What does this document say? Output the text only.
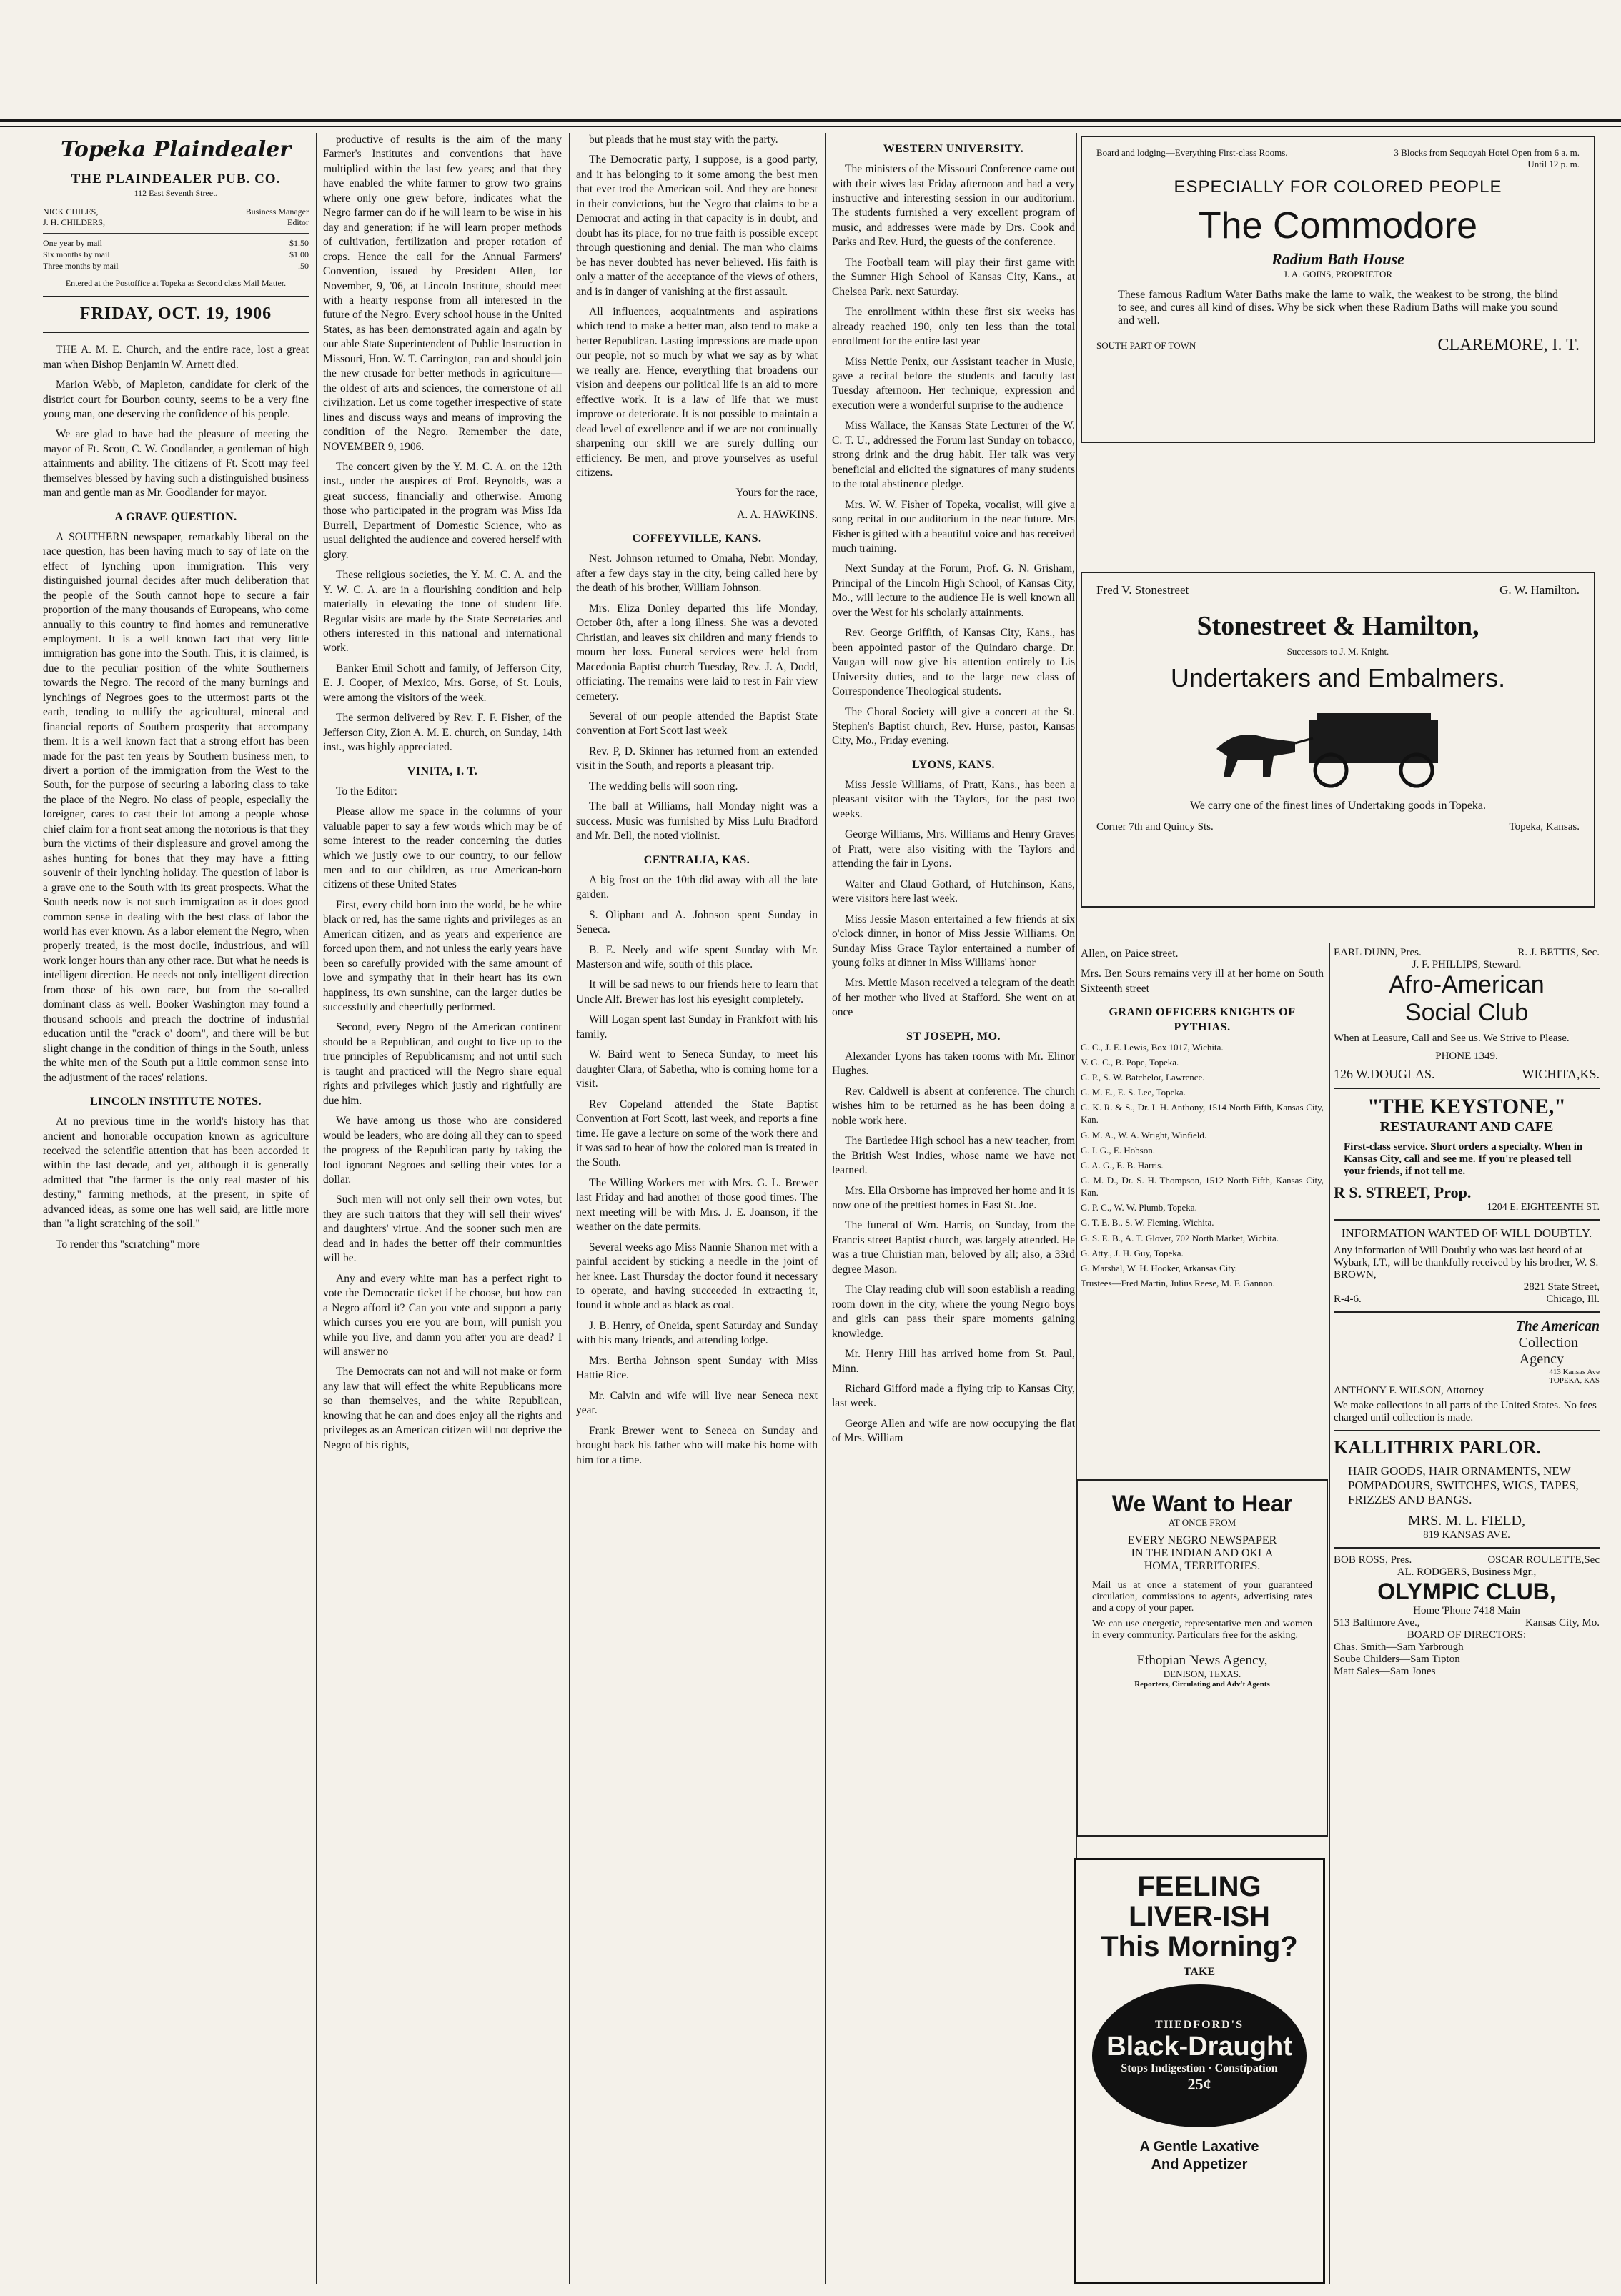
Topeka Plaindealer
THE PLAINDEALER PUB. CO.
112 East Seventh Street.
NICK CHILES,	Business Manager
J. H. CHILDERS,	Editor
One year by mail	$1.50
Six months by mail	$1.00
Three months by mail	.50
Entered at the Postoffice at Topeka as Second class Mail Matter.
FRIDAY, OCT. 19, 1906

THE A. M. E. Church, and the entire race, lost a great man when Bishop Benjamin W. Arnett died.

Marion Webb, of Mapleton, candidate for clerk of the district court for Bourbon county, seems to be a very fine young man, one deserving the confidence of his people.

We are glad to have had the pleasure of meeting the mayor of Ft. Scott, C. W. Goodlander, a gentleman of high attainments and ability. The citizens of Ft. Scott may feel themselves blessed by having such a distinguished business man and gentle man as Mr. Goodlander for mayor.

A GRAVE QUESTION.

A SOUTHERN newspaper, remarkably liberal on the race question, has been having much to say of late on the effect of lynching upon immigration. This very distinguished journal decides after much deliberation that the people of the South cannot hope to secure a fair proportion of the many thousands of Europeans, who come annually to this country to find homes and remunerative employment. It is a well known fact that very little immigration has gone into the South. This, it is claimed, is due to the peculiar position of the white Southerners towards the Negro. The record of the many burnings and lynchings of Negroes goes to the uttermost parts ot the earth, tending to nullify the agricultural, mineral and financial reports of Southern prosperity that accompany them. It is a well known fact that a strong effort has been made for the past ten years by Southern business men, to divert a portion of the immigration from the West to the South, for the purpose of securing a laboring class to take the place of the Negro. No class of people, especially the foreigner, cares to cast their lot among a people whose chief claim for a front seat among the notorious is that they burn the victims of their displeasure and grovel among the ashes hunting for bones that they may have a fitting souvenir of their lynching holiday. The question of labor is a grave one to the South with its great prospects. What the South needs now is not such immigration as it does good common sense in dealing with the best class of labor the world has ever known. As a labor element the Negro, when properly treated, is the most docile, industrious, and will work longer hours than any other race. But what he needs is intelligent direction. He needs not only intelligent direction from those of his own race, but from the so-called dominant class as well. Booker Washington may found a thousand schools and preach the doctrine of industrial education until the "crack o' doom", and there will be but slight change in the condition of things in the South, unless the white men of the South put a little common sense into the adjustment of the races' relations.

LINCOLN INSTITUTE NOTES.

At no previous time in the world's history has that ancient and honorable occupation known as agriculture received the scientific attention that has been accorded it within the last decade, and yet, although it is generally admitted that "the farmer is the only real master of his destiny," farming methods, at the present, in spite of advanced ideas, as some one has well said, are little more than "a light scratching of the soil."

To render this "scratching" more

productive of results is the aim of the many Farmer's Institutes and conventions that have multiplied within the last few years; and that they have enabled the white farmer to grow two grains where only one grew before, indicates what the Negro farmer can do if he will learn to be wise in his day and generation; if he will learn proper methods of cultivation, fertilization and proper rotation of crops. Hence the call for the Annual Farmers' Convention, issued by President Allen, for November, 9, '06, at Lincoln Institute, should meet with a hearty response from all interested in the future of the Negro. Every school house in the United States, as has been demonstrated again and again by our able State Superintendent of Public Instruction in Missouri, Hon. W. T. Carrington, can and should join the new crusade for better methods in agriculture—the oldest of arts and sciences, the cornerstone of all civilization. Let us come together irrespective of state lines and discuss ways and means of improving the condition of the Negro. Remember the date, NOVEMBER 9, 1906.

The concert given by the Y. M. C. A. on the 12th inst., under the auspices of Prof. Reynolds, was a great success, financially and otherwise. Among those who participated in the program was Miss Ida Burrell, Department of Domestic Science, who as usual delighted the audience and covered herself with glory.

These religious societies, the Y. M. C. A. and the Y. W. C. A. are in a flourishing condition and help materially in elevating the tone of student life. Regular visits are made by the State Secretaries and others interested in this national and international work.

Banker Emil Schott and family, of Jefferson City, E. J. Cooper, of Mexico, Mrs. Gorse, of St. Louis, were among the visitors of the week.

The sermon delivered by Rev. F. F. Fisher, of the Jefferson City, Zion A. M. E. church, on Sunday, 14th inst., was highly appreciated.

VINITA, I. T.

To the Editor:

Please allow me space in the columns of your valuable paper to say a few words which may be of some interest to the reader concerning the duties which we justly owe to our country, to our fellow men and to our children, as true American-born citizens of these United States

First, every child born into the world, be he white black or red, has the same rights and privileges as an American citizen, and as years and experience are forced upon them, and not unless the early years have been so carefully provided with the same amount of love and sympathy that in their heart has its own happiness, its own sunshine, can the larger duties be successfully and cheerfully performed.

Second, every Negro of the American continent should be a Republican, and ought to live up to the true principles of Republicanism; and not until such is taught and practiced will the Negro share equal rights and privileges which justly and rightfully are due him.

We have among us those who are considered would be leaders, who are doing all they can to speed the progress of the Republican party by taking the fool ignorant Negroes and selling their votes for a dollar.

Such men will not only sell their own votes, but they are such traitors that they will sell their wives' and daughters' virtue. And the sooner such men are dead and in hades the better off their communities will be.

Any and every white man has a perfect right to vote the Democratic ticket if he choose, but how can a Negro afford it? Can you vote and support a party which curses you ere you are born, will punish you while you live, and damn you after you are dead? I will answer no

The Democrats can not and will not make or form any law that will effect the white Republicans more so than themselves, and the white Republican, knowing that he can and does enjoy all the rights and privileges as an American citizen will not deprive the Negro of his rights,

but pleads that he must stay with the party.

The Democratic party, I suppose, is a good party, and it has belonging to it some among the best men that ever trod the American soil. And they are honest in their convictions, but the Negro that claims to be a Democrat and acting in that capacity is in doubt, and doubt has its place, for no true faith is possible except through questioning and denial. The man who claims be has never doubted has never believed. His faith is only a matter of the acceptance of the views of others, and is in danger of vanishing at the first assault.

All influences, acquaintments and aspirations which tend to make a better man, also tend to make a better Republican. Lasting impressions are made upon our people, not so much by what we say as by what we really are. Hence, everything that broadens our vision and deepens our political life is an aid to more effective work. It is a law of life that we must improve or deteriorate. It is not possible to maintain a dead level of excellence and if we are not continually sharpening our skill we are surely dulling our efficiency. Be men, and prove yourselves as useful citizens.

Yours for the race,
A. A. HAWKINS.
COFFEYVILLE, KANS.

Nest. Johnson returned to Omaha, Nebr. Monday, after a few days stay in the city, being called here by the death of his brother, William Johnson.

Mrs. Eliza Donley departed this life Monday, October 8th, after a long illness. She was a devoted Christian, and leaves six children and many friends to mourn her loss. Funeral services were held from Macedonia Baptist church Tuesday, Rev. J. A, Dodd, officiating. The remains were laid to rest in Fair view cemetery.

Several of our people attended the Baptist State convention at Fort Scott last week

Rev. P, D. Skinner has returned from an extended visit in the South, and reports a pleasant trip.

The wedding bells will soon ring.

The ball at Williams, hall Monday night was a success. Music was furnished by Miss Lulu Bradford and Mr. Bell, the noted violinist.

CENTRALIA, KAS.

A big frost on the 10th did away with all the late garden.

S. Oliphant and A. Johnson spent Sunday in Seneca.

B. E. Neely and wife spent Sunday with Mr. Masterson and wife, south of this place.

It will be sad news to our friends here to learn that Uncle Alf. Brewer has lost his eyesight completely.

Will Logan spent last Sunday in Frankfort with his family.

W. Baird went to Seneca Sunday, to meet his daughter Clara, of Sabetha, who is coming home for a visit.

Rev Copeland attended the State Baptist Convention at Fort Scott, last week, and reports a fine time. He gave a lecture on some of the work there and it was sad to hear of how the colored man is treated in the South.

The Willing Workers met with Mrs. G. L. Brewer last Friday and had another of those good times. The next meeting will be with Mrs. J. E. Joanson, if the weather on the date permits.

Several weeks ago Miss Nannie Shanon met with a painful accident by sticking a needle in the joint of her knee. Last Thursday the doctor found it necessary to operate, and having succeeded in extracting it, found it whole and as black as coal.

J. B. Henry, of Oneida, spent Saturday and Sunday with his many friends, and attending lodge.

Mrs. Bertha Johnson spent Sunday with Miss Hattie Rice.

Mr. Calvin and wife will live near Seneca next year.

Frank Brewer went to Seneca on Sunday and brought back his father who will make his home with him for a time.

WESTERN UNIVERSITY.

The ministers of the Missouri Conference came out with their wives last Friday afternoon and had a very instructive and interesting session in our auditorium. The students furnished a very excellent program of music, and addresses were made by Drs. Cook and Parks and Rev. Hurd, the guests of the conference.

The Football team will play their first game with the Sumner High School of Kansas City, Kans., at Chelsea Park. next Saturday.

The enrollment within these first six weeks has already reached 190, only ten less than the total enrollment for the entire last year

Miss Nettie Penix, our Assistant teacher in Music, gave a recital before the students and faculty last Tuesday afternoon. Her technique, expression and execution were a wonderful surprise to the audience

Miss Wallace, the Kansas State Lecturer of the W. C. T. U., addressed the Forum last Sunday on tobacco, strong drink and the drug habit. Her talk was very beneficial and elicited the signatures of many students to the total abstinence pledge.

Mrs. W. W. Fisher of Topeka, vocalist, will give a song recital in our auditorium in the near future. Mrs Fisher is gifted with a beautiful voice and has received much training.

Next Sunday at the Forum, Prof. G. N. Grisham, Principal of the Lincoln High School, of Kansas City, Mo., will lecture to the audience He is well known all over the West for his scholarly attainments.

Rev. George Griffith, of Kansas City, Kans., has been appointed pastor of the Quindaro charge. Dr. Vaugan will now give his attention entirely to Lis University duties, and to the large new class of Correspondence Theological students.

The Choral Society will give a concert at the St. Stephen's Baptist church, Rev. Hurse, pastor, Kansas City, Mo., Friday evening.

LYONS, KANS.

Miss Jessie Williams, of Pratt, Kans., has been a pleasant visitor with the Taylors, for the past two weeks.

George Williams, Mrs. Williams and Henry Graves of Pratt, were also visiting with the Taylors and attending the fair in Lyons.

Walter and Claud Gothard, of Hutchinson, Kans, were visitors here last week.

Miss Jessie Mason entertained a few friends at six o'clock dinner, in honor of Miss Jessie Williams. On Sunday Miss Grace Taylor entertained a number of young folks at dinner in Miss Williams' honor

Mrs. Mettie Mason received a telegram of the death of her mother who lived at Stafford. She went on at once

ST JOSEPH, MO.

Alexander Lyons has taken rooms with Mr. Elinor Hughes.

Rev. Caldwell is absent at conference. The church wishes him to be returned as he has been doing a noble work here.

The Bartledee High school has a new teacher, from the British West Indies, whose name we have not learned.

Mrs. Ella Orsborne has improved her home and it is now one of the prettiest homes in East St. Joe.

The funeral of Wm. Harris, on Sunday, from the Francis street Baptist church, was largely attended. He was a true Christian man, beloved by all; also, a 33rd degree Mason.

The Clay reading club will soon establish a reading room down in the city, where the young Negro boys and girls can pass their spare moments gaining knowledge.

Mr. Henry Hill has arrived home from St. Paul, Minn.

Richard Gifford made a flying trip to Kansas City, last week.

George Allen and wife are now occupying the flat of Mrs. William

Board and lodging—Everything First-class Rooms.	3 Blocks from Sequoyah Hotel Open from 6 a. m. Until 12 p. m.
ESPECIALLY FOR COLORED PEOPLE
The Commodore
Radium Bath House
J. A. GOINS, PROPRIETOR
These famous Radium Water Baths make the lame to walk, the weakest to be strong, the blind to see, and cures all kind of dises. Why be sick when these Radium Baths will make you sound and well.
SOUTH PART OF TOWN	CLAREMORE, I. T.
Fred V. Stonestreet	G. W. Hamilton.
Stonestreet & Hamilton,
Successors to J. M. Knight.
Undertakers and Embalmers.
We carry one of the finest lines of Undertaking goods in Topeka.
Corner 7th and Quincy Sts.	Topeka, Kansas.

Allen, on Paice street.

Mrs. Ben Sours remains very ill at her home on South Sixteenth street

GRAND OFFICERS KNIGHTS OF PYTHIAS.
G. C., J. E. Lewis, Box 1017, Wichita.
V. G. C., B. Pope, Topeka.
G. P., S. W. Batchelor, Lawrence.
G. M. E., E. S. Lee, Topeka.
G. K. R. & S., Dr. I. H. Anthony, 1514 North Fifth, Kansas City, Kan.
G. M. A., W. A. Wright, Winfield.
G. I. G., E. Hobson.
G. A. G., E. B. Harris.
G. M. D., Dr. S. H. Thompson, 1512 North Fifth, Kansas City, Kan.
G. P. C., W. W. Plumb, Topeka.
G. T. E. B., S. W. Fleming, Wichita.
G. S. E. B., A. T. Glover, 702 North Market, Wichita.
G. Atty., J. H. Guy, Topeka.
G. Marshal, W. H. Hooker, Arkansas City.
Trustees—Fred Martin, Julius Reese, M. F. Gannon.
We Want to Hear
AT ONCE FROM
EVERY NEGRO NEWSPAPER
IN THE INDIAN AND OKLA
HOMA, TERRITORIES.
Mail us at once a statement of your guaranteed circulation, commissions to agents, advertising rates and a copy of your paper.
We can use energetic, representative men and women in every community. Particulars free for the asking.
Ethopian News Agency,
DENISON, TEXAS.
Reporters, Circulating and Adv't Agents
FEELING
LIVER-ISH
This Morning?
TAKE
THEDFORD'S
Black-Draught
Stops Indigestion · Constipation
25¢
A Gentle Laxative
And Appetizer
EARL DUNN, Pres.	R. J. BETTIS, Sec.
J. F. PHILLIPS, Steward.
Afro-American
Social Club
When at Leasure, Call and See us. We Strive to Please.
PHONE 1349.
126 W.DOUGLAS.	WICHITA,KS.
"THE KEYSTONE,"
RESTAURANT AND CAFE
First-class service. Short orders a specialty. When in Kansas City, call and see me. If you're pleased tell your friends, if not tell me.
R S. STREET, Prop.
1204 E. EIGHTEENTH ST.
INFORMATION WANTED OF WILL DOUBTLY.
Any information of Will Doubtly who was last heard of at Wybark, I.T., will be thankfully received by his brother, W. S. BROWN,
2821 State Street,
R-4-6.	Chicago, Ill.
The American
Collection
Agency
413 Kansas Ave
TOPEKA, KAS
ANTHONY F. WILSON, Attorney
We make collections in all parts of the United States. No fees charged until collection is made.
KALLITHRIX PARLOR.
HAIR GOODS, HAIR ORNAMENTS, NEW POMPADOURS, SWITCHES, WIGS, TAPES, FRIZZES AND BANGS.
MRS. M. L. FIELD,
819 KANSAS AVE.
BOB ROSS, Pres.	OSCAR ROULETTE,Sec
AL. RODGERS, Business Mgr.,
OLYMPIC CLUB,
Home 'Phone 7418 Main
513 Baltimore Ave.,	Kansas City, Mo.
BOARD OF DIRECTORS:
Chas. Smith—Sam Yarbrough
Soube Childers—Sam Tipton
Matt Sales—Sam Jones
